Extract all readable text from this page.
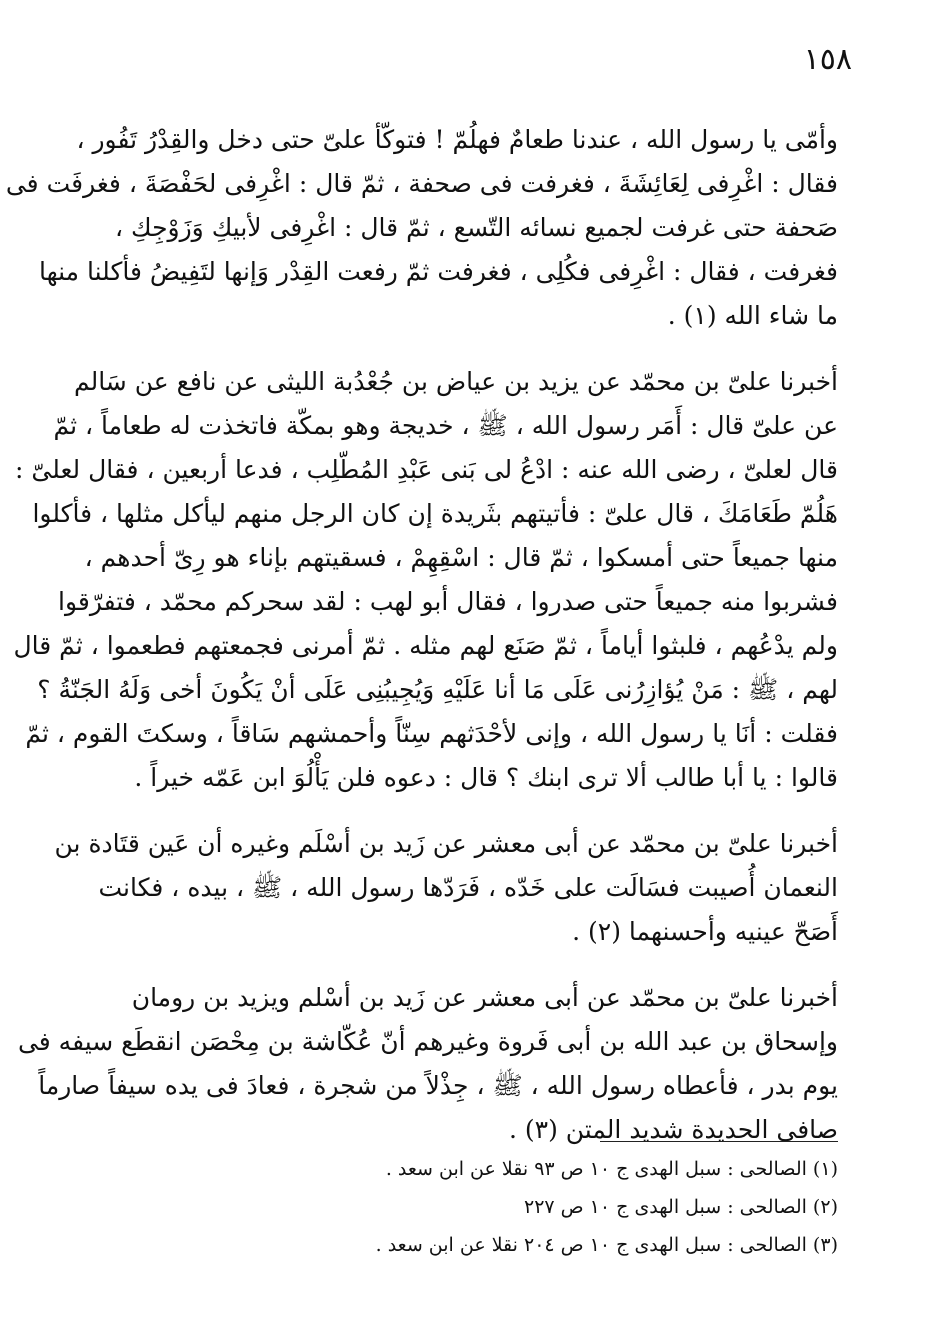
١٥٨
وأمّى يا رسول الله ، عندنا طعامٌ فهلُمّ ! فتوكّأ علىّ حتى دخل والقِدْرُ تَفُور ،
فقال : اغْرِفى لِعَائِشَةَ ، فغرفت فى صحفة ، ثمّ قال : اغْرِفى لحَفْصَةَ ، فغرفَت فى
صَحفة حتى غرفت لجميع نسائه التّسع ، ثمّ قال : اغْرِفى لأبيكِ وَزَوْجِكِ ،
فغرفت ، فقال : اغْرِفى فكُلِى ، فغرفت ثمّ رفعت القِدْر وَإنها لتَفِيضُ فأكلنا منها
ما شاء الله (١) .
أخبرنا علىّ بن محمّد عن يزيد بن عياض بن جُعْدُبة الليثى عن نافع عن سَالم
عن علىّ قال : أَمَر رسول الله ، ﷺ ، خديجة وهو بمكّة فاتخذت له طعاماً ، ثمّ
قال لعلىّ ، رضى الله عنه : ادْعُ لى بَنى عَبْدِ المُطّلِب ، فدعا أربعين ، فقال لعلىّ :
هَلُمّ طَعَامَكَ ، قال علىّ : فأتيتهم بثَريدة إن كان الرجل منهم ليأكل مثلها ، فأكلوا
منها جميعاً حتى أمسكوا ، ثمّ قال : اسْقِهِمْ ، فسقيتهم بإناء هو رِىّ أحدهم ،
فشربوا منه جميعاً حتى صدروا ، فقال أبو لهب : لقد سحركم محمّد ، فتفرّقوا
ولم يدْعُهم ، فلبثوا أياماً ، ثمّ صَنَع لهم مثله . ثمّ أمرنى فجمعتهم فطعموا ، ثمّ قال
لهم ، ﷺ : مَنْ يُؤازِرُنى عَلَى مَا أنا عَلَيْهِ وَيُجِيبُنِى عَلَى أنْ يَكُونَ أخى وَلَهُ الجَنّةُ ؟
فقلت : أنَا يا رسول الله ، وإنى لأحْدَثهم سِنّاً وأحمشهم سَاقاً ، وسكتَ القوم ، ثمّ
قالوا : يا أبا طالب ألا ترى ابنك ؟ قال : دعوه فلن يَأْلُوَ ابن عَمّه خيراً .
أخبرنا علىّ بن محمّد عن أبى معشر عن زَيد بن أسْلَم وغيره أن عَين قتَادة بن
النعمان أُصيبت فسَالَت على خَدّه ، فَرَدّها رسول الله ، ﷺ ، بيده ، فكانت
أَصَحّ عينيه وأحسنهما (٢) .
أخبرنا علىّ بن محمّد عن أبى معشر عن زَيد بن أسْلم ويزيد بن رومان
وإسحاق بن عبد الله بن أبى فَروة وغيرهم أنّ عُكّاشة بن مِحْصَن انقطَع سيفه فى
يوم بدر ، فأعطاه رسول الله ، ﷺ ، جِذْلاً من شجرة ، فعادَ فى يده سيفاً صارماً
صافى الحديدة شديد المتن (٣) .
(١) الصالحى : سبل الهدى ج ١٠ ص ٩٣ نقلا عن ابن سعد .
(٢) الصالحى : سبل الهدى ج ١٠ ص ٢٢٧
(٣) الصالحى : سبل الهدى ج ١٠ ص ٢٠٤ نقلا عن ابن سعد .
